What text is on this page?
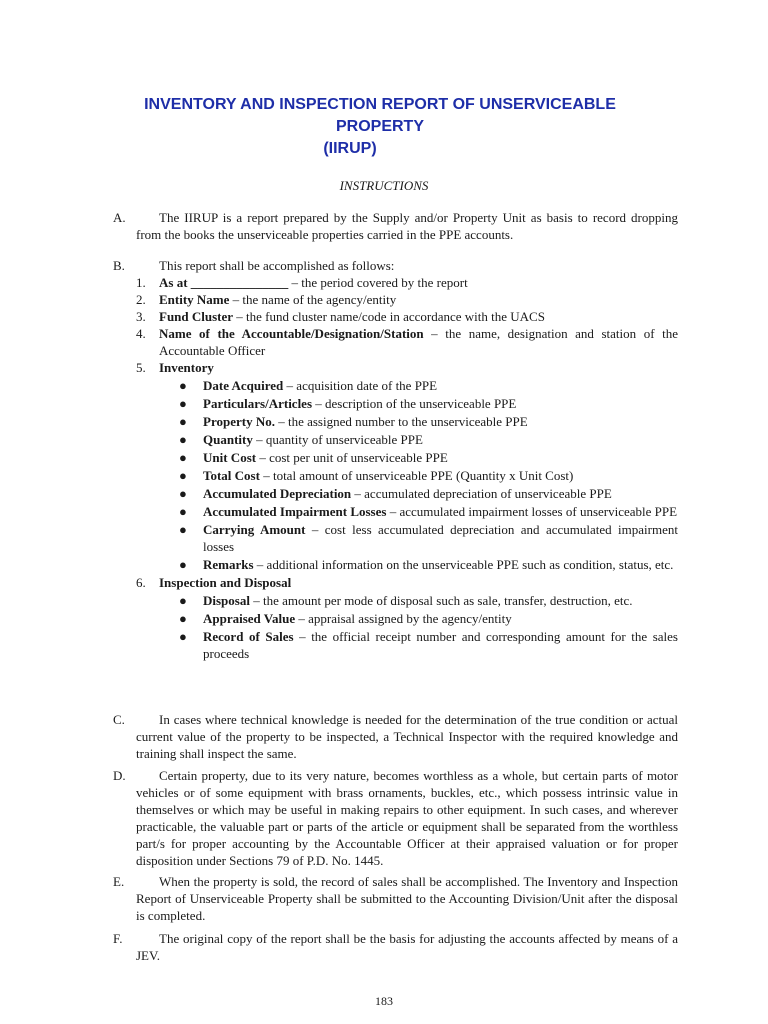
INVENTORY AND INSPECTION REPORT OF UNSERVICEABLE
PROPERTY

(IIRUP)
INSTRUCTIONS
A.	The IIRUP is a report prepared by the Supply and/or Property Unit as basis to record dropping from the books the unserviceable properties carried in the PPE accounts.
B.	This report shall be accomplished as follows:
1. As at _______________ – the period covered by the report
2. Entity Name – the name of the agency/entity
3. Fund Cluster – the fund cluster name/code in accordance with the UACS
4. Name of the Accountable/Designation/Station – the name, designation and station of the Accountable Officer
5. Inventory
● Date Acquired – acquisition date of the PPE
● Particulars/Articles – description of the unserviceable PPE
● Property No. – the assigned number to the unserviceable PPE
● Quantity – quantity of unserviceable PPE
● Unit Cost – cost per unit of unserviceable PPE
● Total Cost – total amount of unserviceable PPE (Quantity x Unit Cost)
● Accumulated Depreciation – accumulated depreciation of unserviceable PPE
● Accumulated Impairment Losses – accumulated impairment losses of unserviceable PPE
● Carrying Amount – cost less accumulated depreciation and accumulated impairment losses
● Remarks – additional information on the unserviceable PPE such as condition, status, etc.
6. Inspection and Disposal
● Disposal – the amount per mode of disposal such as sale, transfer, destruction, etc.
● Appraised Value – appraisal assigned by the agency/entity
● Record of Sales – the official receipt number and corresponding amount for the sales proceeds
C.	In cases where technical knowledge is needed for the determination of the true condition or actual current value of the property to be inspected, a Technical Inspector with the required knowledge and training shall inspect the same.
D.	Certain property, due to its very nature, becomes worthless as a whole, but certain parts of motor vehicles or of some equipment with brass ornaments, buckles, etc., which possess intrinsic value in themselves or which may be useful in making repairs to other equipment. In such cases, and wherever practicable, the valuable part or parts of the article or equipment shall be separated from the worthless part/s for proper accounting by the Accountable Officer at their appraised valuation or for proper disposition under Sections 79 of P.D. No. 1445.
E.	When the property is sold, the record of sales shall be accomplished. The Inventory and Inspection Report of Unserviceable Property shall be submitted to the Accounting Division/Unit after the disposal is completed.
F.	The original copy of the report shall be the basis for adjusting the accounts affected by means of a JEV.
183
